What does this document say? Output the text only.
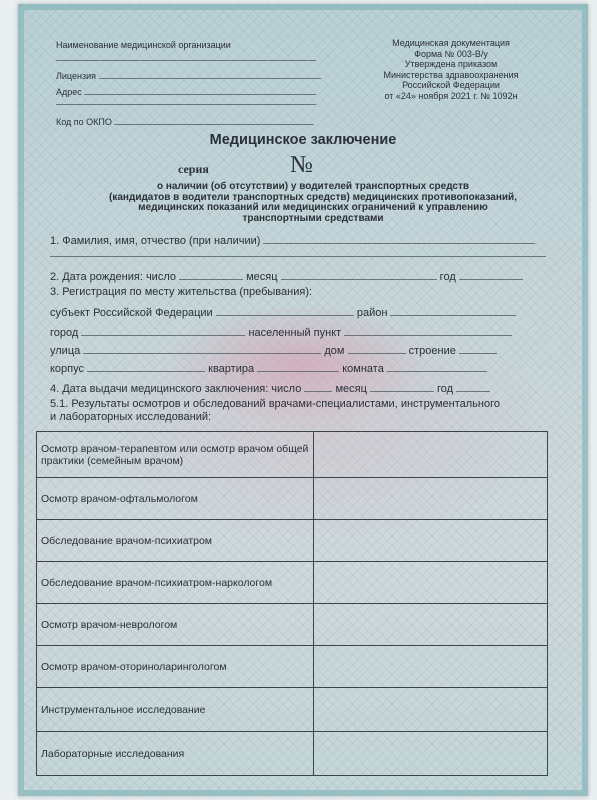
Наименование медицинской организации
Лицензия
Адрес
Код по ОКПО
Медицинская документация
Форма № 003-В/у
Утверждена приказом
Министерства здравоохранения
Российской Федерации
от «24» ноября 2021 г. № 1092н
Медицинское заключение
серия	№
о наличии (об отсутствии) у водителей транспортных средств
(кандидатов в водители транспортных средств) медицинских противопоказаний,
медицинских показаний или медицинских ограничений к управлению
транспортными средствами
1. Фамилия, имя, отчество (при наличии)
2. Дата рождения: число	месяц	год
3. Регистрация по месту жительства (пребывания):
субъект Российской Федерации	район
город	населенный пункт
улица	дом	строение
корпус	квартира	комната
4. Дата выдачи медицинского заключения: число	месяц	год
5.1. Результаты осмотров и обследований врачами-специалистами, инструментального
и лабораторных исследований:
Осмотр врачом-терапевтом или осмотр врачом общей практики (семейным врачом)	
Осмотр врачом-офтальмологом	
Обследование врачом-психиатром	
Обследование врачом-психиатром-наркологом	
Осмотр врачом-неврологом	
Осмотр врачом-оториноларингологом	
Инструментальное исследование	
Лабораторные исследования	
